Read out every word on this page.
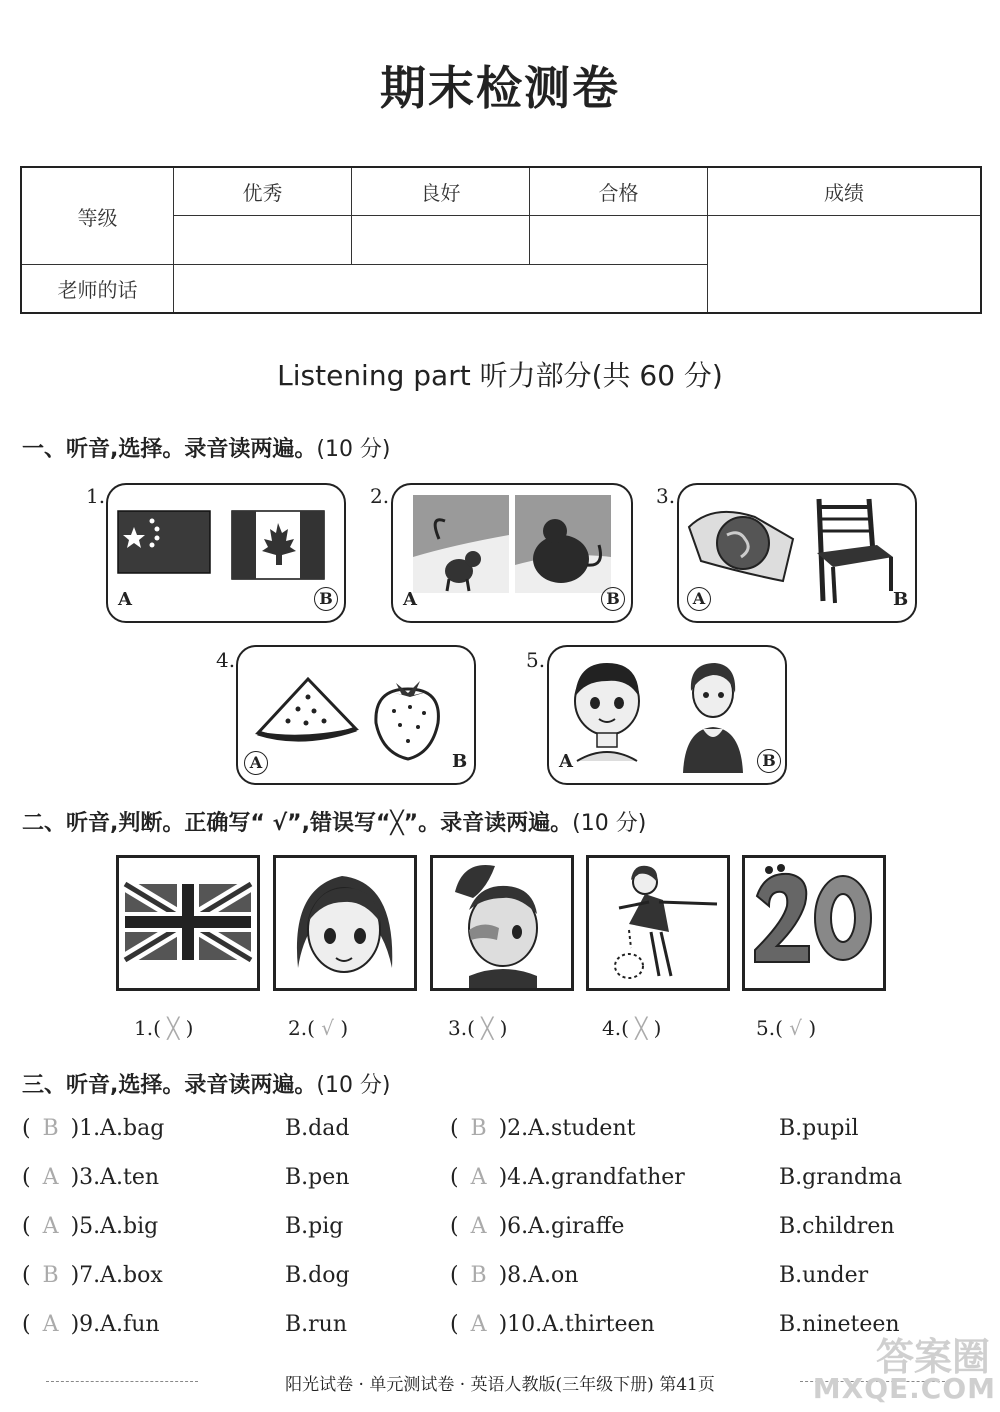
期末检测卷
等级	优秀	良好	合格	成绩

老师的话				
Listening part 听力部分(共 60 分)
一、听音,选择。录音读两遍。(10 分)
1.
A	B
2.
A	B
3.
A	B
4.
A	B
5.
A	B
二、听音,判断。正确写“ √”,错误写“╳”。录音读两遍。(10 分)
1.( ╳ )	2.( √ )	3.( ╳ )	4.( ╳ )	5.( √ )
三、听音,选择。录音读两遍。(10 分)
( B )1.A.bag	B.dad	( B )2.A.student	B.pupil
( A )3.A.ten	B.pen	( A )4.A.grandfather	B.grandma
( A )5.A.big	B.pig	( A )6.A.giraffe	B.children
( B )7.A.box	B.dog	( B )8.A.on	B.under
( A )9.A.fun	B.run	( A )10.A.thirteen	B.nineteen
阳光试卷 · 单元测试卷 · 英语人教版(三年级下册) 第41页
答案圈
MXQE.COM
